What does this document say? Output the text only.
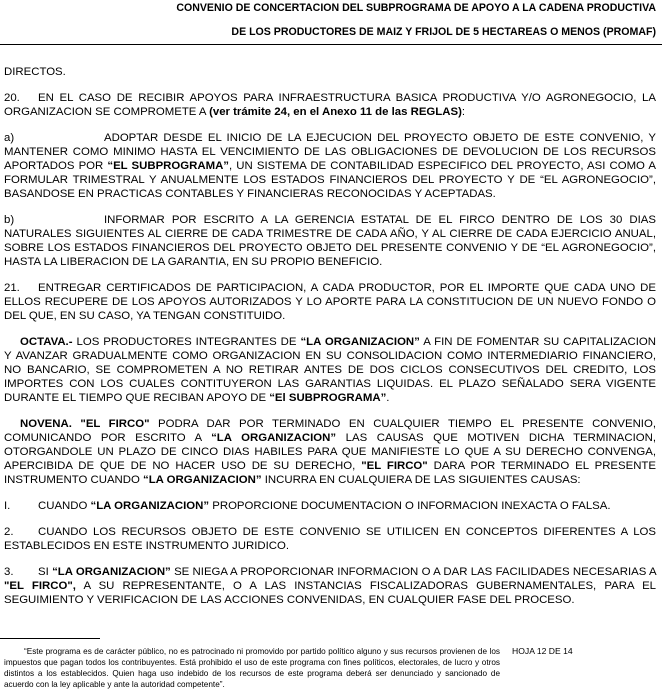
CONVENIO DE CONCERTACION DEL SUBPROGRAMA DE APOYO A LA CADENA PRODUCTIVA
DE LOS PRODUCTORES DE MAIZ Y FRIJOL DE 5 HECTAREAS O MENOS (PROMAF)

DIRECTOS.

20. EN EL CASO DE RECIBIR APOYOS PARA INFRAESTRUCTURA BASICA PRODUCTIVA Y/O AGRONEGOCIO, LA ORGANIZACION SE COMPROMETE A (ver trámite 24, en el Anexo 11 de las REGLAS):

a)	ADOPTAR DESDE EL INICIO DE LA EJECUCION DEL PROYECTO OBJETO DE ESTE CONVENIO, Y MANTENER COMO MINIMO HASTA EL VENCIMIENTO DE LAS OBLIGACIONES DE DEVOLUCION DE LOS RECURSOS APORTADOS POR “EL SUBPROGRAMA”, UN SISTEMA DE CONTABILIDAD ESPECIFICO DEL PROYECTO, ASI COMO A FORMULAR TRIMESTRAL Y ANUALMENTE LOS ESTADOS FINANCIEROS DEL PROYECTO Y DE “EL AGRONEGOCIO”, BASANDOSE EN PRACTICAS CONTABLES Y FINANCIERAS RECONOCIDAS Y ACEPTADAS.

b)	INFORMAR POR ESCRITO A LA GERENCIA ESTATAL DE EL FIRCO DENTRO DE LOS 30 DIAS NATURALES SIGUIENTES AL CIERRE DE CADA TRIMESTRE DE CADA AÑO, Y AL CIERRE DE CADA EJERCICIO ANUAL, SOBRE LOS ESTADOS FINANCIEROS DEL PROYECTO OBJETO DEL PRESENTE CONVENIO Y DE “EL AGRONEGOCIO”, HASTA LA LIBERACION DE LA GARANTIA, EN SU PROPIO BENEFICIO.

21. ENTREGAR CERTIFICADOS DE PARTICIPACION, A CADA PRODUCTOR, POR EL IMPORTE QUE CADA UNO DE ELLOS RECUPERE DE LOS APOYOS AUTORIZADOS Y LO APORTE PARA LA CONSTITUCION DE UN NUEVO FONDO O DEL QUE, EN SU CASO, YA TENGAN CONSTITUIDO.

OCTAVA.- LOS PRODUCTORES INTEGRANTES DE “LA ORGANIZACION” A FIN DE FOMENTAR SU CAPITALIZACION Y AVANZAR GRADUALMENTE COMO ORGANIZACION EN SU CONSOLIDACION COMO INTERMEDIARIO FINANCIERO, NO BANCARIO, SE COMPROMETEN A NO RETIRAR ANTES DE DOS CICLOS CONSECUTIVOS DEL CREDITO, LOS IMPORTES CON LOS CUALES CONTITUYERON LAS GARANTIAS LIQUIDAS. EL PLAZO SEÑALADO SERA VIGENTE DURANTE EL TIEMPO QUE RECIBAN APOYO DE “El SUBPROGRAMA”.

NOVENA. "EL FIRCO" PODRA DAR POR TERMINADO EN CUALQUIER TIEMPO EL PRESENTE CONVENIO, COMUNICANDO POR ESCRITO A “LA ORGANIZACION” LAS CAUSAS QUE MOTIVEN DICHA TERMINACION, OTORGANDOLE UN PLAZO DE CINCO DIAS HABILES PARA QUE MANIFIESTE LO QUE A SU DERECHO CONVENGA, APERCIBIDA DE QUE DE NO HACER USO DE SU DERECHO, "EL FIRCO" DARA POR TERMINADO EL PRESENTE INSTRUMENTO CUANDO “LA ORGANIZACION” INCURRA EN CUALQUIERA DE LAS SIGUIENTES CAUSAS:

I. CUANDO “LA ORGANIZACION” PROPORCIONE DOCUMENTACION O INFORMACION INEXACTA O FALSA.

2. CUANDO LOS RECURSOS OBJETO DE ESTE CONVENIO SE UTILICEN EN CONCEPTOS DIFERENTES A LOS ESTABLECIDOS EN ESTE INSTRUMENTO JURIDICO.

3. SI “LA ORGANIZACION” SE NIEGA A PROPORCIONAR INFORMACION O A DAR LAS FACILIDADES NECESARIAS A "EL FIRCO", A SU REPRESENTANTE, O A LAS INSTANCIAS FISCALIZADORAS GUBERNAMENTALES, PARA EL SEGUIMIENTO Y VERIFICACION DE LAS ACCIONES CONVENIDAS, EN CUALQUIER FASE DEL PROCESO.

“Este programa es de carácter público, no es patrocinado ni promovido por partido político alguno y sus recursos provienen de los impuestos que pagan todos los contribuyentes. Está prohibido el uso de este programa con fines políticos, electorales, de lucro y otros distintos a los establecidos. Quien haga uso indebido de los recursos de este programa deberá ser denunciado y sancionado de acuerdo con la ley aplicable y ante la autoridad competente”.
HOJA 12 DE 14
